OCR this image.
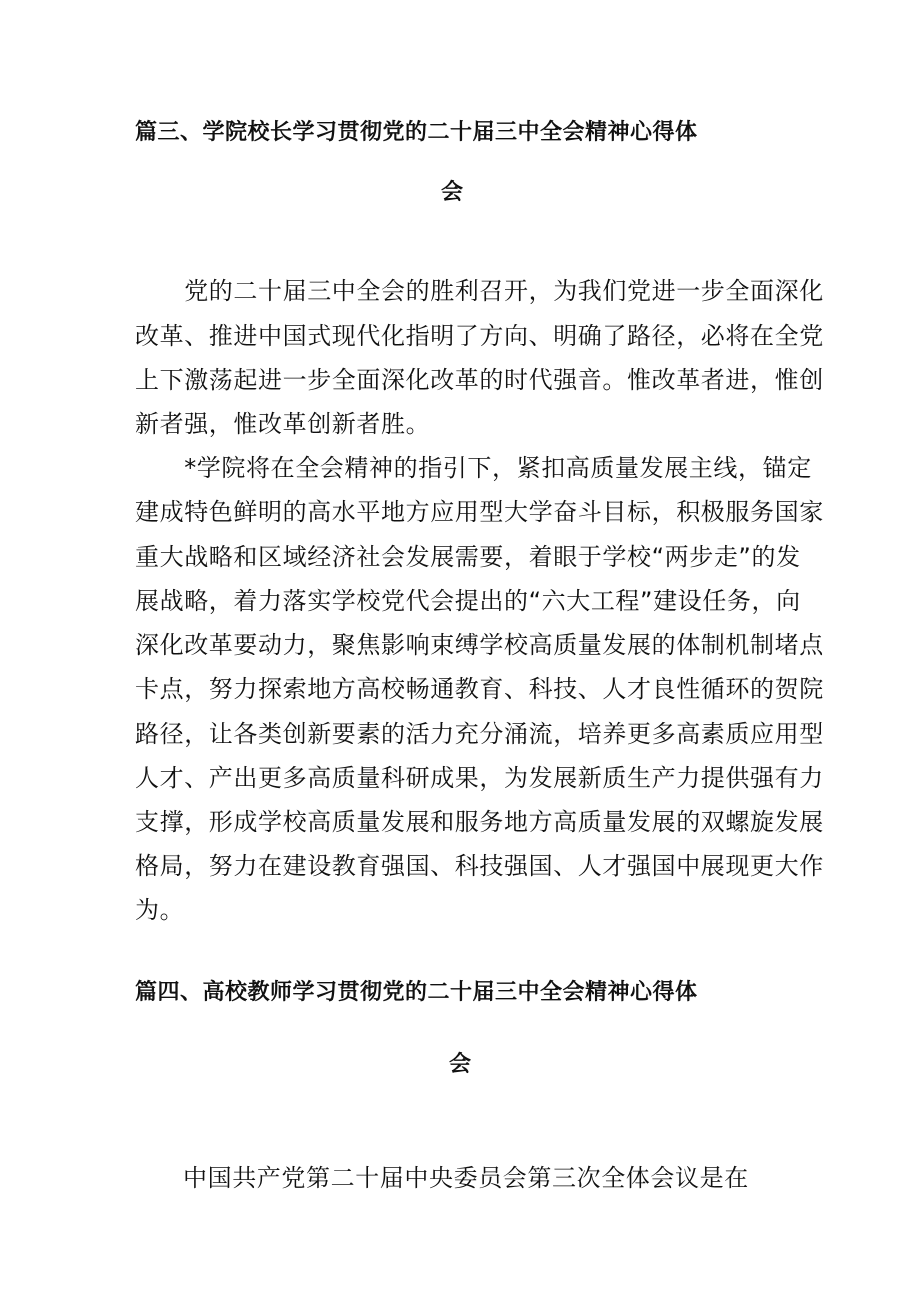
篇三、学院校长学习贯彻党的二十届三中全会精神心得体
会
　　党的二十届三中全会的胜利召开，为我们党进一步全面深化
改革、推进中国式现代化指明了方向、明确了路径，必将在全党
上下激荡起进一步全面深化改革的时代强音。惟改革者进，惟创
新者强，惟改革创新者胜。
　　*学院将在全会精神的指引下，紧扣高质量发展主线，锚定
建成特色鲜明的高水平地方应用型大学奋斗目标，积极服务国家
重大战略和区域经济社会发展需要，着眼于学校“两步走”的发
展战略，着力落实学校党代会提出的“六大工程”建设任务，向
深化改革要动力，聚焦影响束缚学校高质量发展的体制机制堵点
卡点，努力探索地方高校畅通教育、科技、人才良性循环的贺院
路径，让各类创新要素的活力充分涌流，培养更多高素质应用型
人才、产出更多高质量科研成果，为发展新质生产力提供强有力
支撑，形成学校高质量发展和服务地方高质量发展的双螺旋发展
格局，努力在建设教育强国、科技强国、人才强国中展现更大作
为。
篇四、高校教师学习贯彻党的二十届三中全会精神心得体
会
中国共产党第二十届中央委员会第三次全体会议是在
